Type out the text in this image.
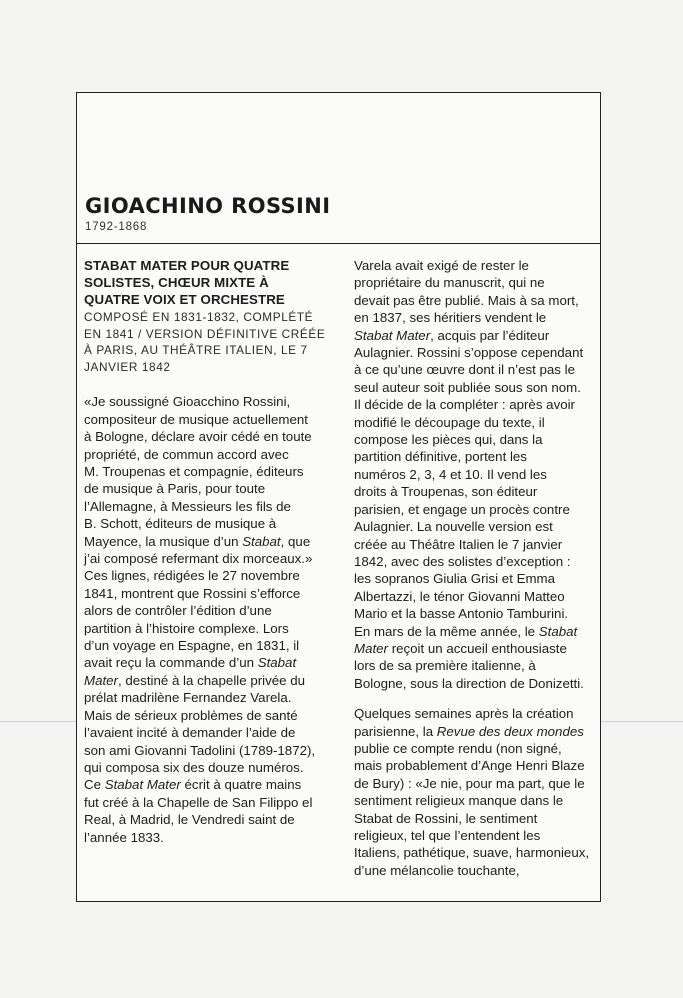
GIOACHINO ROSSINI
1792-1868
STABAT MATER POUR QUATRE
SOLISTES, CHŒUR MIXTE À
QUATRE VOIX ET ORCHESTRE
COMPOSÉ EN 1831-1832, COMPLÉTÉ
EN 1841 / VERSION DÉFINITIVE CRÉÉE
À PARIS, AU THÉÂTRE ITALIEN, LE 7
JANVIER 1842
«Je soussigné Gioacchino Rossini,
compositeur de musique actuellement
à Bologne, déclare avoir cédé en toute
propriété, de commun accord avec
M. Troupenas et compagnie, éditeurs
de musique à Paris, pour toute
l’Allemagne, à Messieurs les fils de
B. Schott, éditeurs de musique à
Mayence, la musique d’un Stabat, que
j’ai composé refermant dix morceaux.»
Ces lignes, rédigées le 27 novembre
1841, montrent que Rossini s’efforce
alors de contrôler l’édition d’une
partition à l’histoire complexe. Lors
d’un voyage en Espagne, en 1831, il
avait reçu la commande d’un Stabat
Mater, destiné à la chapelle privée du
prélat madrilène Fernandez Varela.
Mais de sérieux problèmes de santé
l’avaient incité à demander l’aide de
son ami Giovanni Tadolini (1789-1872),
qui composa six des douze numéros.
Ce Stabat Mater écrit à quatre mains
fut créé à la Chapelle de San Filippo el
Real, à Madrid, le Vendredi saint de
l’année 1833.
Varela avait exigé de rester le
propriétaire du manuscrit, qui ne
devait pas être publié. Mais à sa mort,
en 1837, ses héritiers vendent le
Stabat Mater, acquis par l’éditeur
Aulagnier. Rossini s’oppose cependant
à ce qu’une œuvre dont il n’est pas le
seul auteur soit publiée sous son nom.
Il décide de la compléter : après avoir
modifié le découpage du texte, il
compose les pièces qui, dans la
partition définitive, portent les
numéros 2, 3, 4 et 10. Il vend les
droits à Troupenas, son éditeur
parisien, et engage un procès contre
Aulagnier. La nouvelle version est
créée au Théâtre Italien le 7 janvier
1842, avec des solistes d’exception :
les sopranos Giulia Grisi et Emma
Albertazzi, le ténor Giovanni Matteo
Mario et la basse Antonio Tamburini.
En mars de la même année, le Stabat
Mater reçoit un accueil enthousiaste
lors de sa première italienne, à
Bologne, sous la direction de Donizetti.
Quelques semaines après la création
parisienne, la Revue des deux mondes
publie ce compte rendu (non signé,
mais probablement d’Ange Henri Blaze
de Bury) : «Je nie, pour ma part, que le
sentiment religieux manque dans le
Stabat de Rossini, le sentiment
religieux, tel que l’entendent les
Italiens, pathétique, suave, harmonieux,
d’une mélancolie touchante,
